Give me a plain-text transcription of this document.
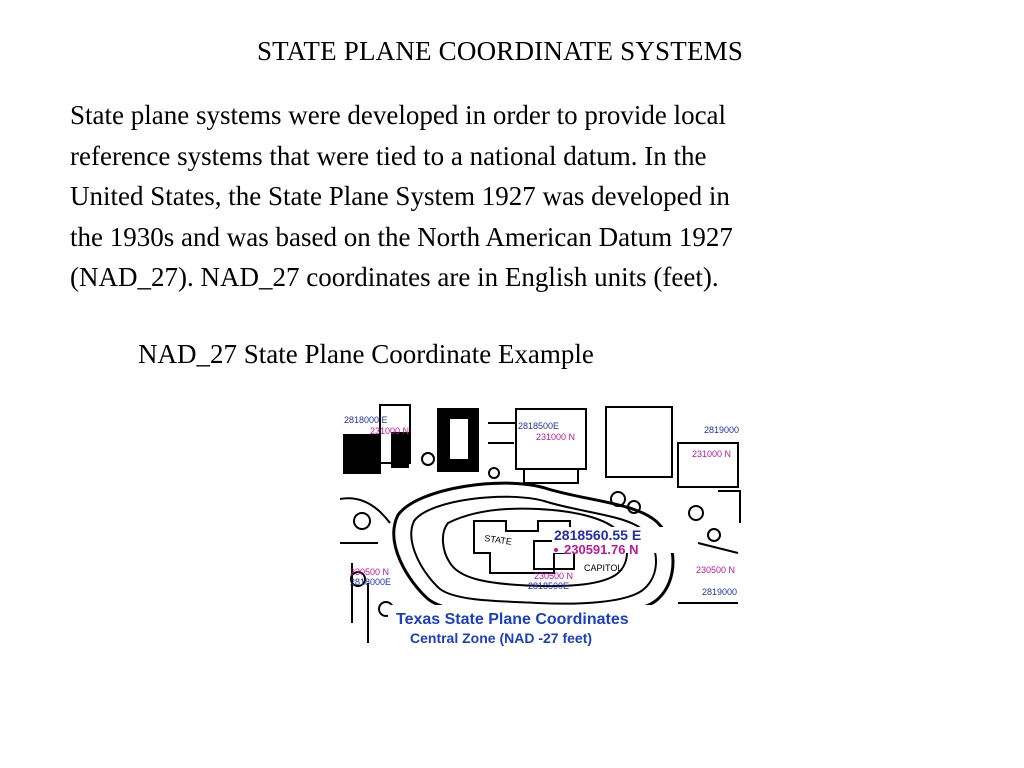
STATE PLANE COORDINATE SYSTEMS
State plane systems were developed in order to provide local
reference systems that were tied to a national datum. In the
United States, the State Plane System 1927 was developed in
the 1930s and was based on the North American Datum 1927
(NAD_27). NAD_27 coordinates are in English units (feet).
NAD_27 State Plane Coordinate Example
2818000 E
231000 N	2818500E
231000 N
2819000
231000 N
230500 N
2818000E
230500 N
2818500E
230500 N
2819000
STATE
CAPITOL
2818560.55 E
230591.76 N
Texas State Plane Coordinates
Central Zone (NAD -27 feet)
